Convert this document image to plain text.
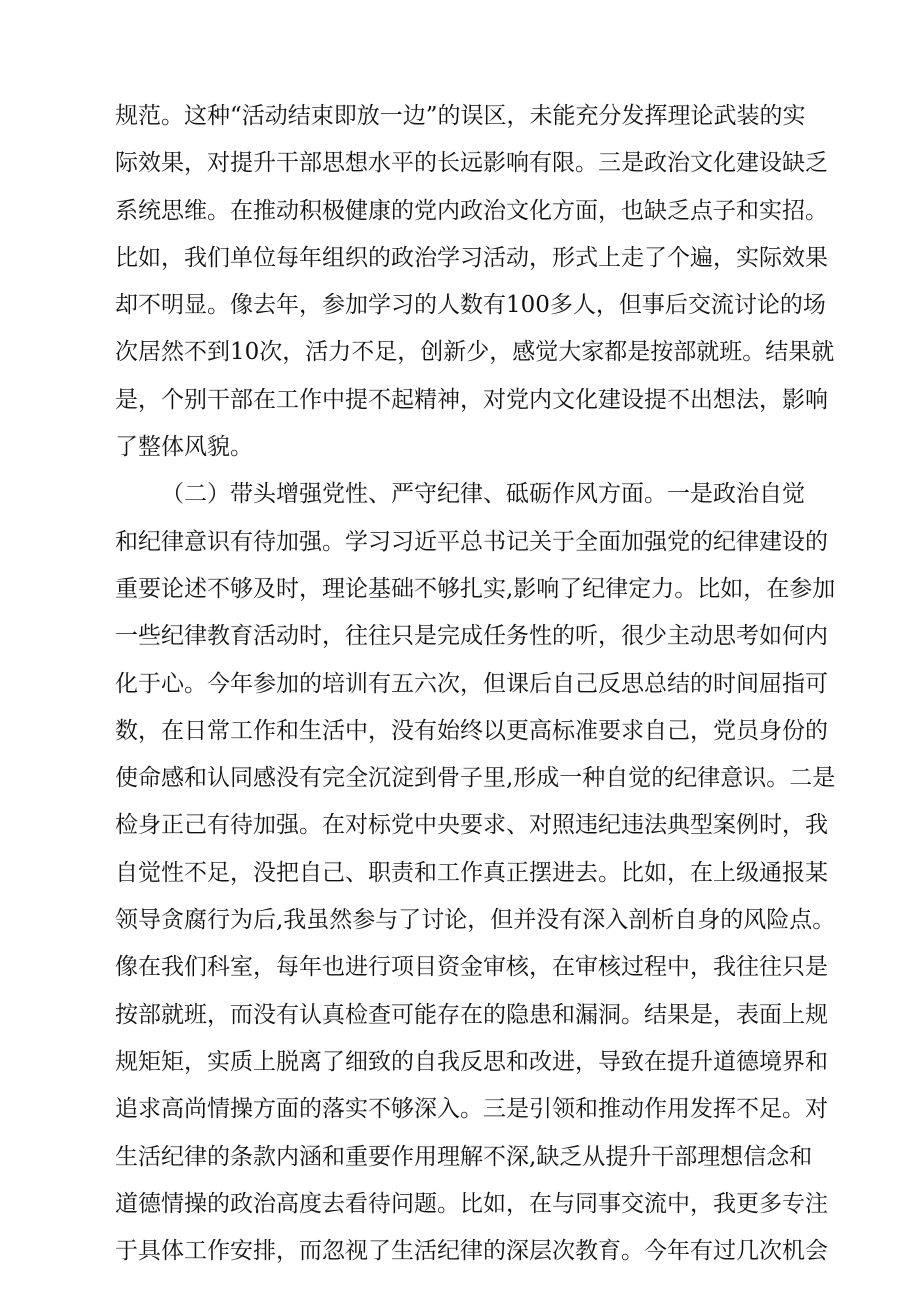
规范。这种“活动结束即放一边”的误区，未能充分发挥理论武装的实
际效果，对提升干部思想水平的长远影响有限。三是政治文化建设缺乏
系统思维。在推动积极健康的党内政治文化方面，也缺乏点子和实招。
比如，我们单位每年组织的政治学习活动，形式上走了个遍，实际效果
却不明显。像去年，参加学习的人数有100多人，但事后交流讨论的场
次居然不到10次，活力不足，创新少，感觉大家都是按部就班。结果就
是，个别干部在工作中提不起精神，对党内文化建设提不出想法，影响
了整体风貌。
（二）带头增强党性、严守纪律、砥砺作风方面。一是政治自觉
和纪律意识有待加强。学习习近平总书记关于全面加强党的纪律建设的
重要论述不够及时，理论基础不够扎实,影响了纪律定力。比如，在参加
一些纪律教育活动时，往往只是完成任务性的听，很少主动思考如何内
化于心。今年参加的培训有五六次，但课后自己反思总结的时间屈指可
数，在日常工作和生活中，没有始终以更高标准要求自己，党员身份的
使命感和认同感没有完全沉淀到骨子里,形成一种自觉的纪律意识。二是
检身正己有待加强。在对标党中央要求、对照违纪违法典型案例时，我
自觉性不足，没把自己、职责和工作真正摆进去。比如，在上级通报某
领导贪腐行为后,我虽然参与了讨论，但并没有深入剖析自身的风险点。
像在我们科室，每年也进行项目资金审核，在审核过程中，我往往只是
按部就班，而没有认真检查可能存在的隐患和漏洞。结果是，表面上规
规矩矩，实质上脱离了细致的自我反思和改进，导致在提升道德境界和
追求高尚情操方面的落实不够深入。三是引领和推动作用发挥不足。对
生活纪律的条款内涵和重要作用理解不深,缺乏从提升干部理想信念和
道德情操的政治高度去看待问题。比如，在与同事交流中，我更多专注
于具体工作安排，而忽视了生活纪律的深层次教育。今年有过几次机会
